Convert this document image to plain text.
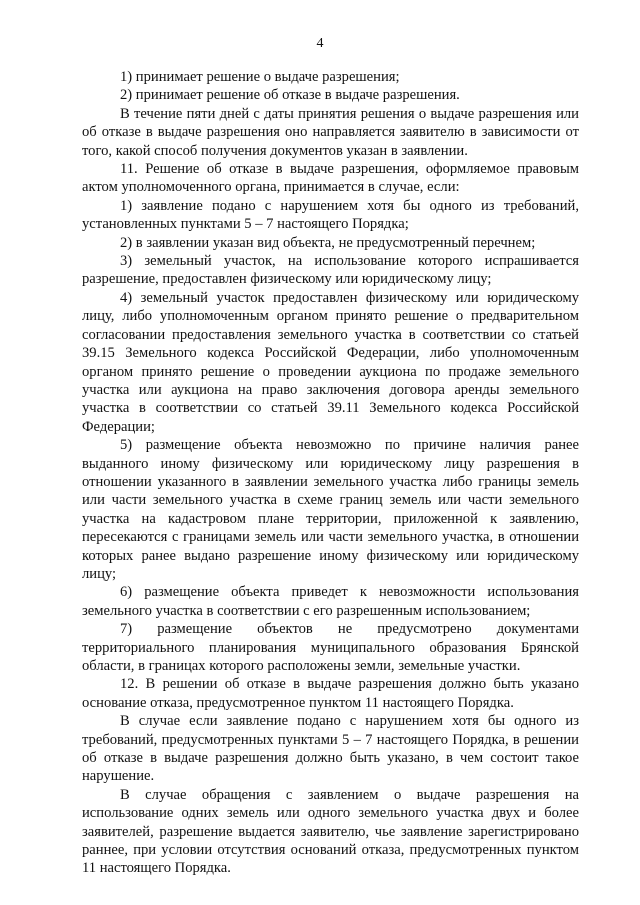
4

1) принимает решение о выдаче разрешения;

2) принимает решение об отказе в выдаче разрешения.

В течение пяти дней с даты принятия решения о выдаче разрешения или об отказе в выдаче разрешения оно направляется заявителю в зависимости от того, какой способ получения документов указан в заявлении.

11. Решение об отказе в выдаче разрешения, оформляемое правовым актом уполномоченного органа, принимается в случае, если:

1) заявление подано с нарушением хотя бы одного из требований, установленных пунктами 5 – 7 настоящего Порядка;

2) в заявлении указан вид объекта, не предусмотренный перечнем;

3) земельный участок, на использование которого испрашивается разрешение, предоставлен физическому или юридическому лицу;

4) земельный участок предоставлен физическому или юридическому лицу, либо уполномоченным органом принято решение о предварительном согласовании предоставления земельного участка в соответствии со статьей 39.15 Земельного кодекса Российской Федерации, либо уполномоченным органом принято решение о проведении аукциона по продаже земельного участка или аукциона на право заключения договора аренды земельного участка в соответствии со статьей 39.11 Земельного кодекса Российской Федерации;

5) размещение объекта невозможно по причине наличия ранее выданного иному физическому или юридическому лицу разрешения в отношении указанного в заявлении земельного участка либо границы земель или части земельного участка в схеме границ земель или части земельного участка на кадастровом плане территории, приложенной к заявлению, пересекаются с границами земель или части земельного участка, в отношении которых ранее выдано разрешение иному физическому или юридическому лицу;

6) размещение объекта приведет к невозможности использования земельного участка в соответствии с его разрешенным использованием;

7) размещение объектов не предусмотрено документами территориального планирования муниципального образования Брянской области, в границах которого расположены земли, земельные участки.

12. В решении об отказе в выдаче разрешения должно быть указано основание отказа, предусмотренное пунктом 11 настоящего Порядка.

В случае если заявление подано с нарушением хотя бы одного из требований, предусмотренных пунктами 5 – 7 настоящего Порядка, в решении об отказе в выдаче разрешения должно быть указано, в чем состоит такое нарушение.

В случае обращения с заявлением о выдаче разрешения на использование одних земель или одного земельного участка двух и более заявителей, разрешение выдается заявителю, чье заявление зарегистрировано раннее, при условии отсутствия оснований отказа, предусмотренных пунктом 11 настоящего Порядка.
